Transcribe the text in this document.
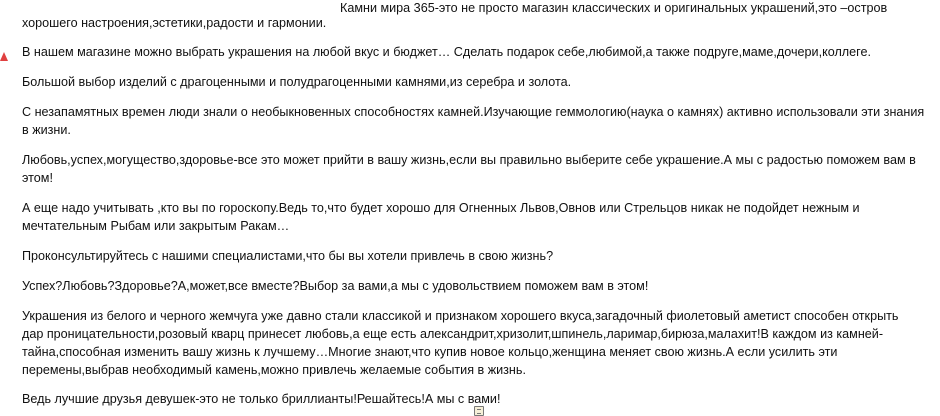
Камни мира 365-это не просто магазин классических и оригинальных украшений,это –остров
хорошего настроения,эстетики,радости и гармонии.
В нашем магазине можно выбрать украшения на любой вкус и бюджет… Сделать подарок себе,любимой,а также подруге,маме,дочери,коллеге.
Большой выбор изделий с драгоценными и полудрагоценными камнями,из серебра и золота.
С незапамятных времен люди знали о необыкновенных способностях камней.Изучающие геммологию(наука о камнях) активно использовали эти знания
в жизни.
Любовь,успех,могущество,здоровье-все это может прийти в вашу жизнь,если вы правильно выберите себе украшение.А мы с радостью поможем вам в
этом!
А еще надо учитывать ,кто вы по гороскопу.Ведь то,что будет хорошо для Огненных Львов,Овнов или Стрельцов никак не подойдет нежным и
мечтательным Рыбам или закрытым Ракам…
Проконсультируйтесь с нашими специалистами,что бы вы хотели привлечь в свою жизнь?
Успех?Любовь?Здоровье?А,может,все вместе?Выбор за вами,а мы с удовольствием поможем вам в этом!
Украшения из белого и черного жемчуга уже давно стали классикой и признаком хорошего вкуса,загадочный фиолетовый аметист способен открыть
дар проницательности,розовый кварц принесет любовь,а еще есть александрит,хризолит,шпинель,ларимар,бирюза,малахит!В каждом из камней-
тайна,способная изменить вашу жизнь к лучшему…Многие знают,что купив новое кольцо,женщина меняет свою жизнь.А если усилить эти
перемены,выбрав необходимый камень,можно привлечь желаемые события в жизнь.
Ведь лучшие друзья девушек-это не только бриллианты!Решайтесь!А мы с вами!
